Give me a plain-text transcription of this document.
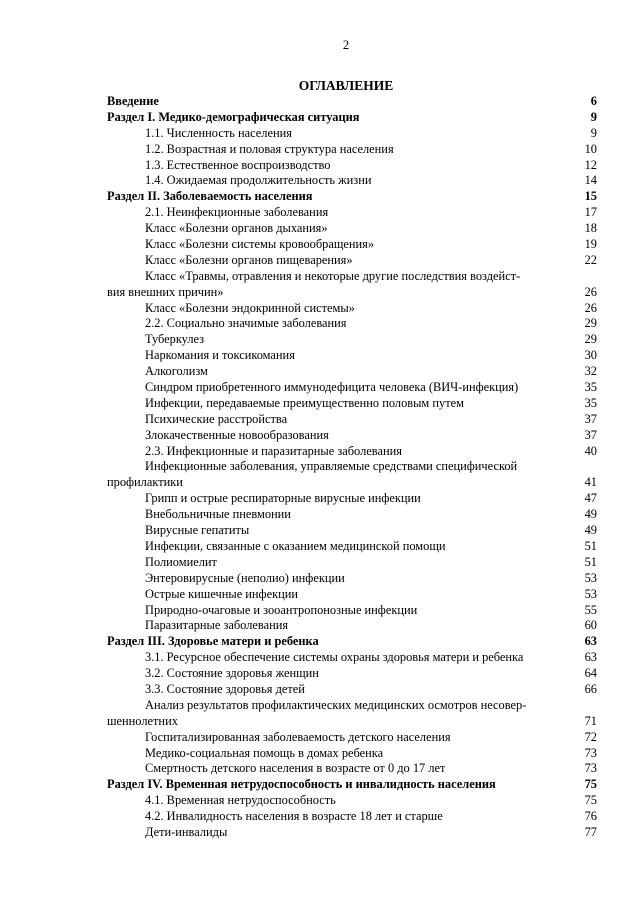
2
ОГЛАВЛЕНИЕ
Введение	6
Раздел I. Медико-демографическая ситуация	9
1.1. Численность населения	9
1.2. Возрастная и половая структура населения	10
1.3. Естественное воспроизводство	12
1.4. Ожидаемая продолжительность жизни	14
Раздел II. Заболеваемость населения	15
2.1. Неинфекционные заболевания	17
Класс «Болезни органов дыхания»	18
Класс «Болезни системы кровообращения»	19
Класс «Болезни органов пищеварения»	22
Класс «Травмы, отравления и некоторые другие последствия воздейст-
вия внешних причин»	26
Класс «Болезни эндокринной системы»	26
2.2. Социально значимые заболевания	29
Туберкулез	29
Наркомания и токсикомания	30
Алкоголизм	32
Синдром приобретенного иммунодефицита человека (ВИЧ-инфекция)	35
Инфекции, передаваемые преимущественно половым путем	35
Психические расстройства	37
Злокачественные новообразования	37
2.3. Инфекционные и паразитарные заболевания	40
Инфекционные заболевания, управляемые средствами специфической
профилактики	41
Грипп и острые респираторные вирусные инфекции	47
Внебольничные пневмонии	49
Вирусные гепатиты	49
Инфекции, связанные с оказанием медицинской помощи	51
Полиомиелит	51
Энтеровирусные (неполио) инфекции	53
Острые кишечные инфекции	53
Природно-очаговые и зооантропонозные инфекции	55
Паразитарные заболевания	60
Раздел III. Здоровье матери и ребенка	63
3.1. Ресурсное обеспечение системы охраны здоровья матери и ребенка	63
3.2. Состояние здоровья женщин	64
3.3. Состояние здоровья детей	66
Анализ результатов профилактических медицинских осмотров несовер-
шеннолетних	71
Госпитализированная заболеваемость детского населения	72
Медико-социальная помощь в домах ребенка	73
Смертность детского населения в возрасте от 0 до 17 лет	73
Раздел IV. Временная нетрудоспособность и инвалидность населения	75
4.1. Временная нетрудоспособность	75
4.2. Инвалидность населения в возрасте 18 лет и старше	76
Дети-инвалиды	77
